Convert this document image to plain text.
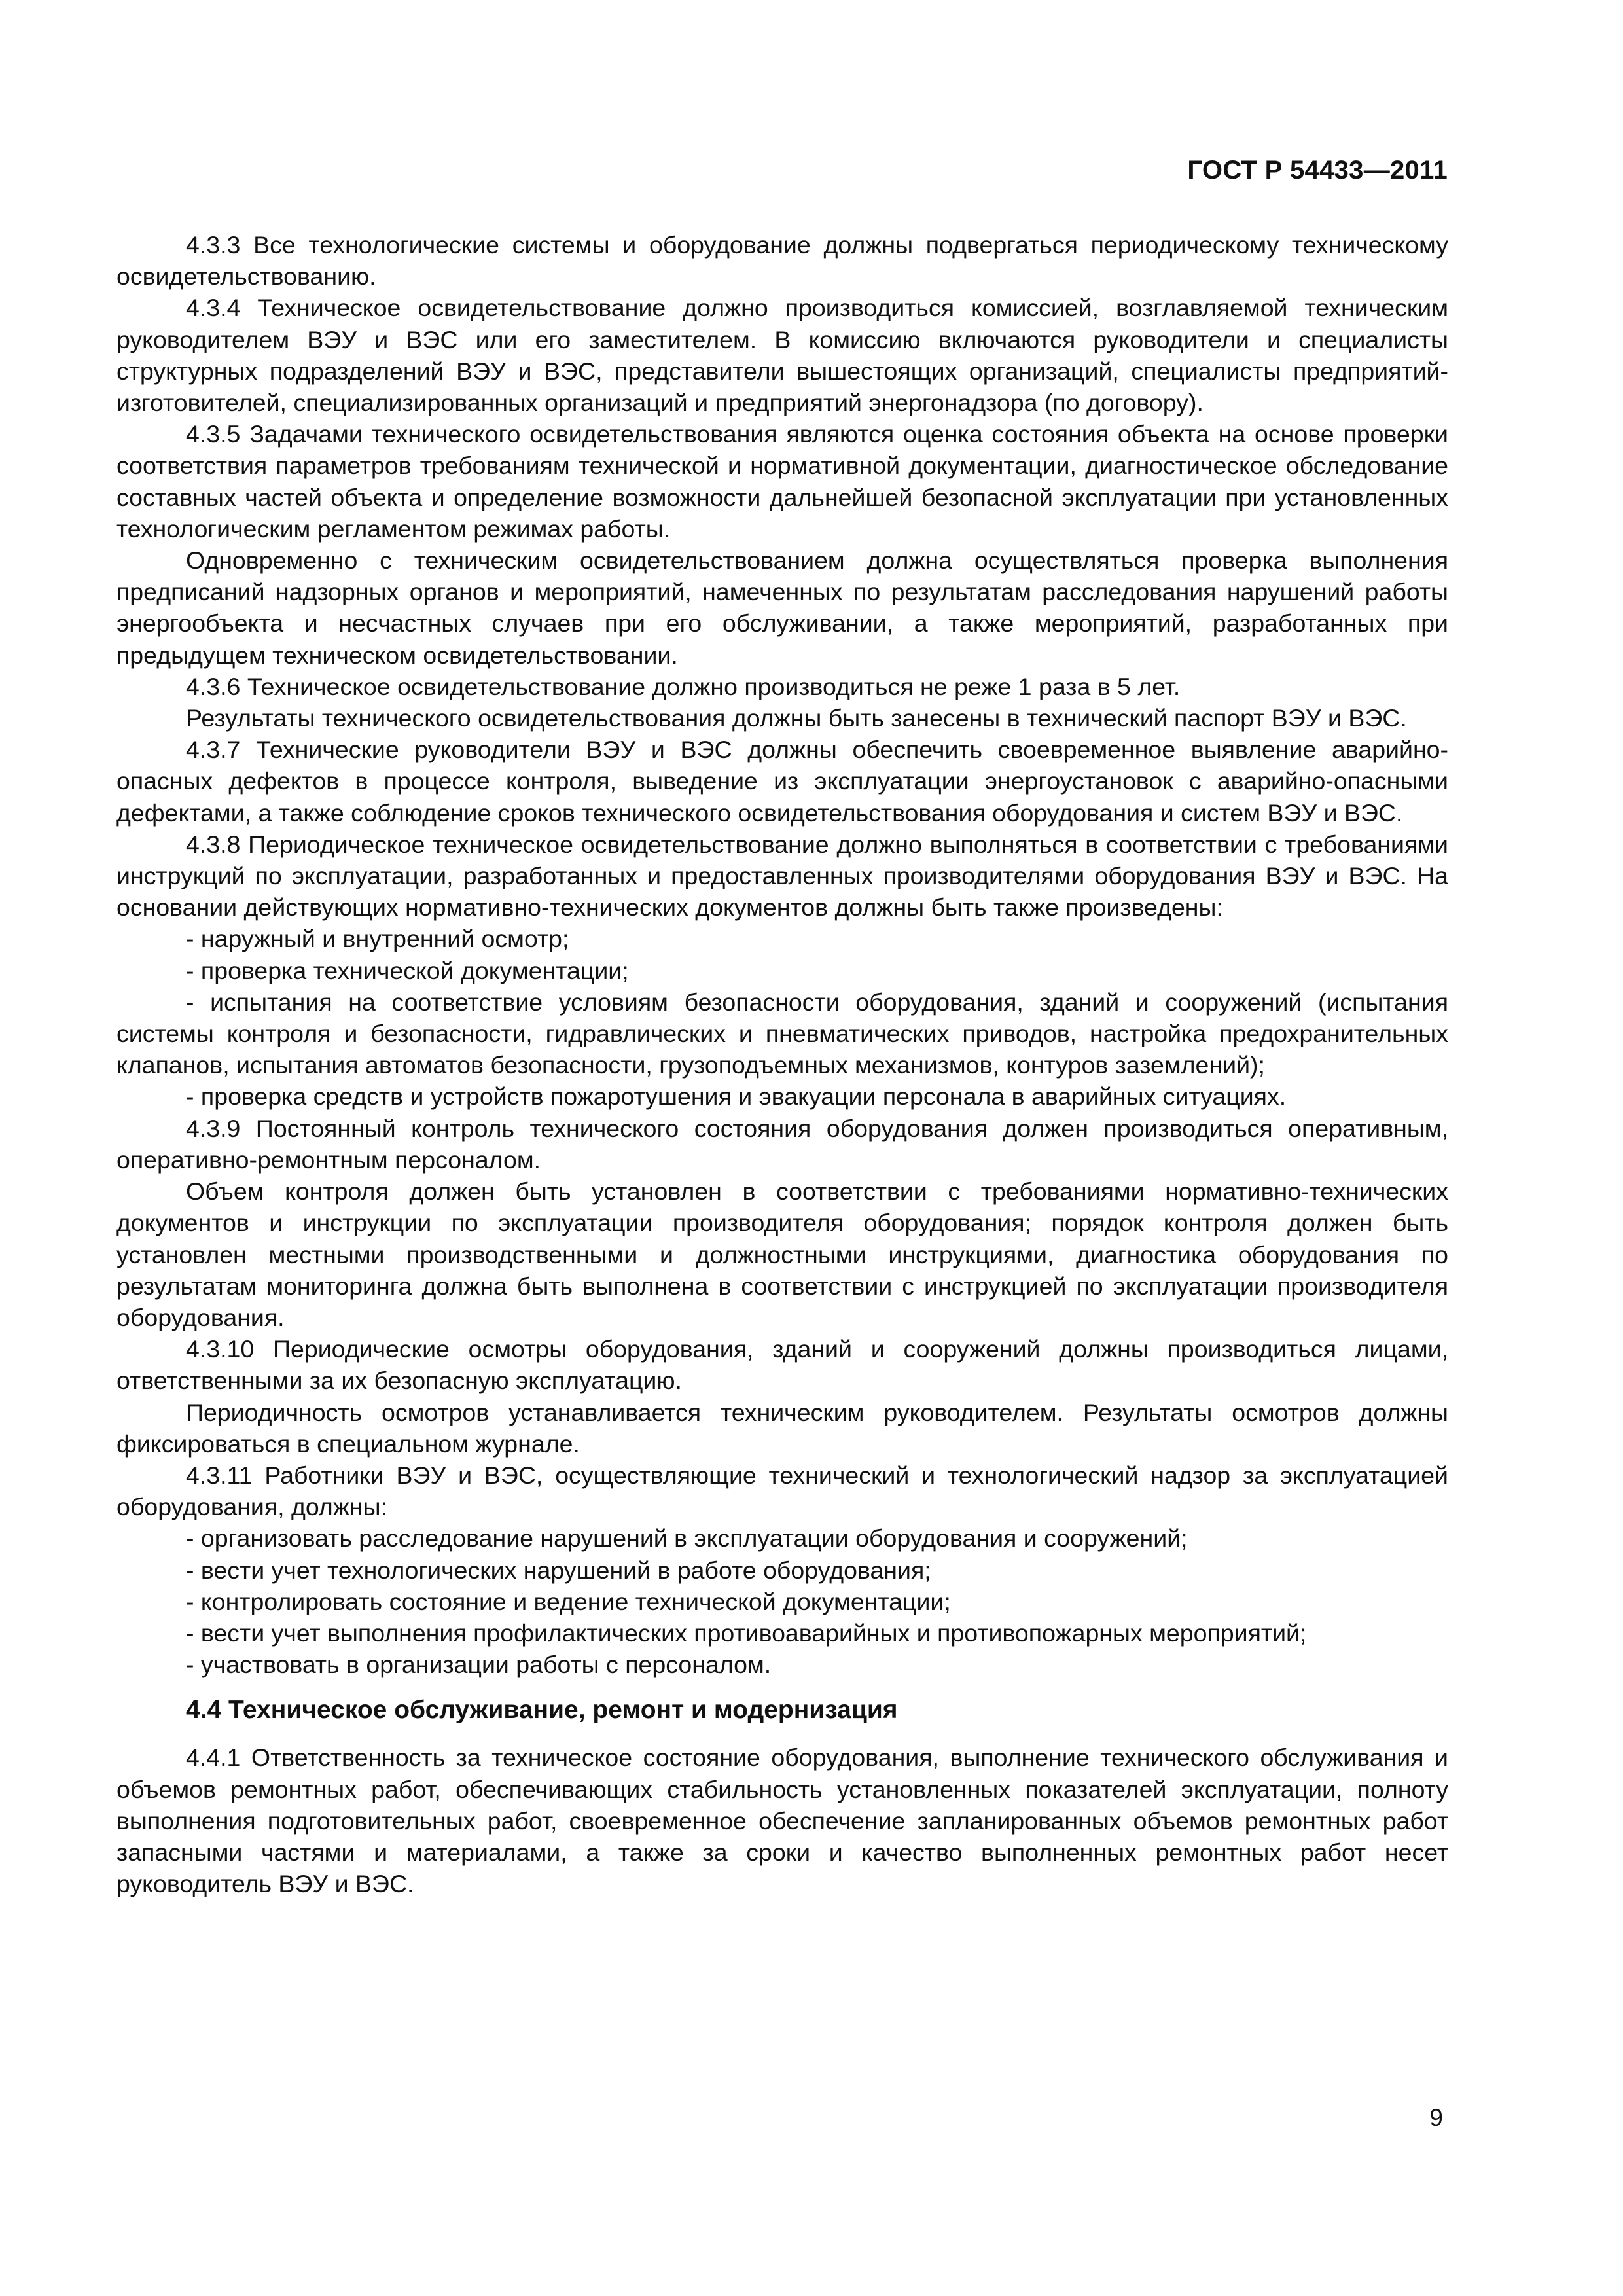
ГОСТ Р 54433—2011

4.3.3 Все технологические системы и оборудование должны подвергаться периодическому техническому освидетельствованию.

4.3.4 Техническое освидетельствование должно производиться комиссией, возглавляемой техническим руководителем ВЭУ и ВЭС или его заместителем. В комиссию включаются руководители и специалисты структурных подразделений ВЭУ и ВЭС, представители вышестоящих организаций, специалисты предприятий-изготовителей, специализированных организаций и предприятий энергонадзора (по договору).

4.3.5 Задачами технического освидетельствования являются оценка состояния объекта на основе проверки соответствия параметров требованиям технической и нормативной документации, диагностическое обследование составных частей объекта и определение возможности дальнейшей безопасной эксплуатации при установленных технологическим регламентом режимах работы.

Одновременно с техническим освидетельствованием должна осуществляться проверка выполнения предписаний надзорных органов и мероприятий, намеченных по результатам расследования нарушений работы энергообъекта и несчастных случаев при его обслуживании, а также мероприятий, разработанных при предыдущем техническом освидетельствовании.

4.3.6 Техническое освидетельствование должно производиться не реже 1 раза в 5 лет.

Результаты технического освидетельствования должны быть занесены в технический паспорт ВЭУ и ВЭС.

4.3.7 Технические руководители ВЭУ и ВЭС должны обеспечить своевременное выявление аварийно-опасных дефектов в процессе контроля, выведение из эксплуатации энергоустановок с аварийно-опасными дефектами, а также соблюдение сроков технического освидетельствования оборудования и систем ВЭУ и ВЭС.

4.3.8 Периодическое техническое освидетельствование должно выполняться в соответствии с требованиями инструкций по эксплуатации, разработанных и предоставленных производителями оборудования ВЭУ и ВЭС. На основании действующих нормативно-технических документов должны быть также произведены:

- наружный и внутренний осмотр;

- проверка технической документации;

- испытания на соответствие условиям безопасности оборудования, зданий и сооружений (испытания системы контроля и безопасности, гидравлических и пневматических приводов, настройка предохранительных клапанов, испытания автоматов безопасности, грузоподъемных механизмов, контуров заземлений);

- проверка средств и устройств пожаротушения и эвакуации персонала в аварийных ситуациях.

4.3.9 Постоянный контроль технического состояния оборудования должен производиться оперативным, оперативно-ремонтным персоналом.

Объем контроля должен быть установлен в соответствии с требованиями нормативно-технических документов и инструкции по эксплуатации производителя оборудования; порядок контроля должен быть установлен местными производственными и должностными инструкциями, диагностика оборудования по результатам мониторинга должна быть выполнена в соответствии с инструкцией по эксплуатации производителя оборудования.

4.3.10 Периодические осмотры оборудования, зданий и сооружений должны производиться лицами, ответственными за их безопасную эксплуатацию.

Периодичность осмотров устанавливается техническим руководителем. Результаты осмотров должны фиксироваться в специальном журнале.

4.3.11 Работники ВЭУ и ВЭС, осуществляющие технический и технологический надзор за эксплуатацией оборудования, должны:

- организовать расследование нарушений в эксплуатации оборудования и сооружений;

- вести учет технологических нарушений в работе оборудования;

- контролировать состояние и ведение технической документации;

- вести учет выполнения профилактических противоаварийных и противопожарных мероприятий;

- участвовать в организации работы с персоналом.

4.4 Техническое обслуживание, ремонт и модернизация

4.4.1 Ответственность за техническое состояние оборудования, выполнение технического обслуживания и объемов ремонтных работ, обеспечивающих стабильность установленных показателей эксплуатации, полноту выполнения подготовительных работ, своевременное обеспечение запланированных объемов ремонтных работ запасными частями и материалами, а также за сроки и качество выполненных ремонтных работ несет руководитель ВЭУ и ВЭС.

9
